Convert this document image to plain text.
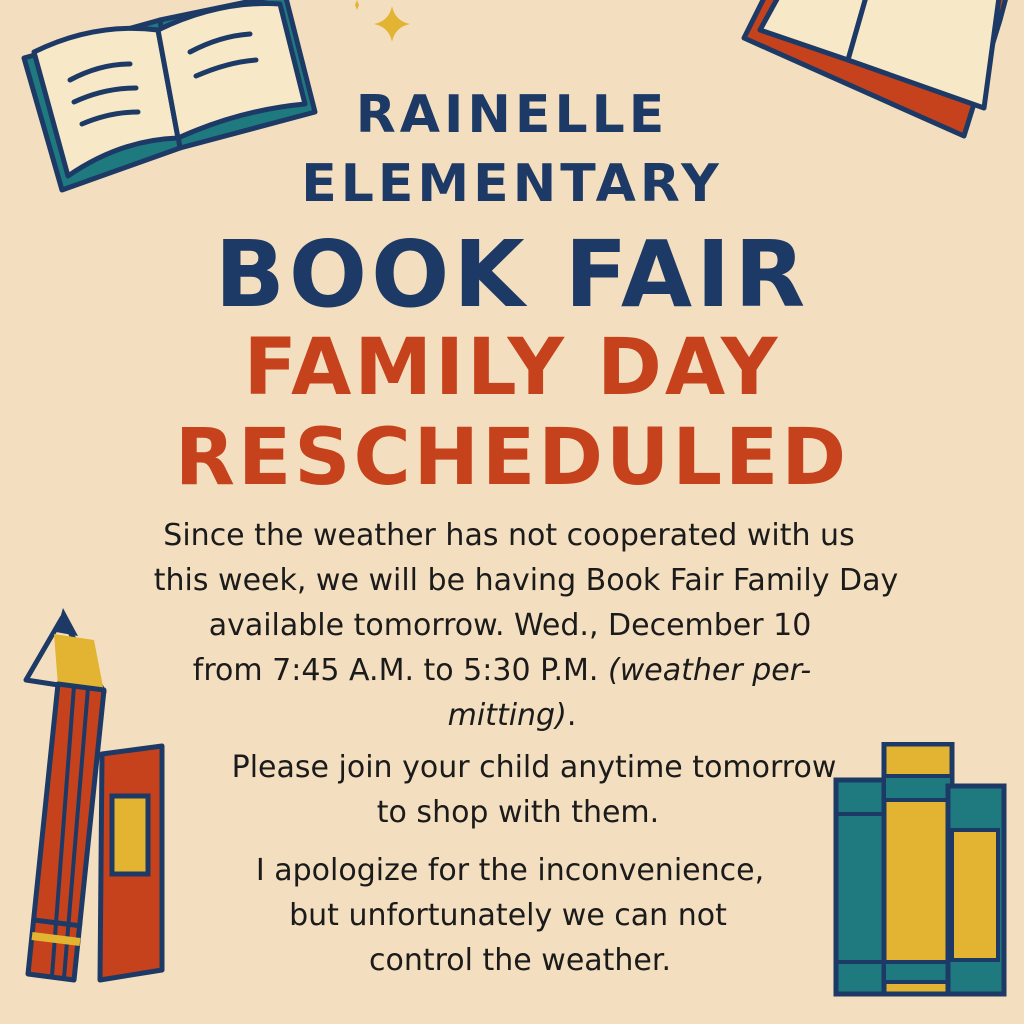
RAINELLE
ELEMENTARY
BOOK FAIR
FAMILY DAY
RESCHEDULED
Since the weather has not cooperated with us
this week, we will be having Book Fair Family Day
available tomorrow. Wed., December 10
from 7:45 A.M. to 5:30 P.M. (weather per-
mitting).
Please join your child anytime tomorrow
to shop with them.
I apologize for the inconvenience,
but unfortunately we can not
control the weather.
